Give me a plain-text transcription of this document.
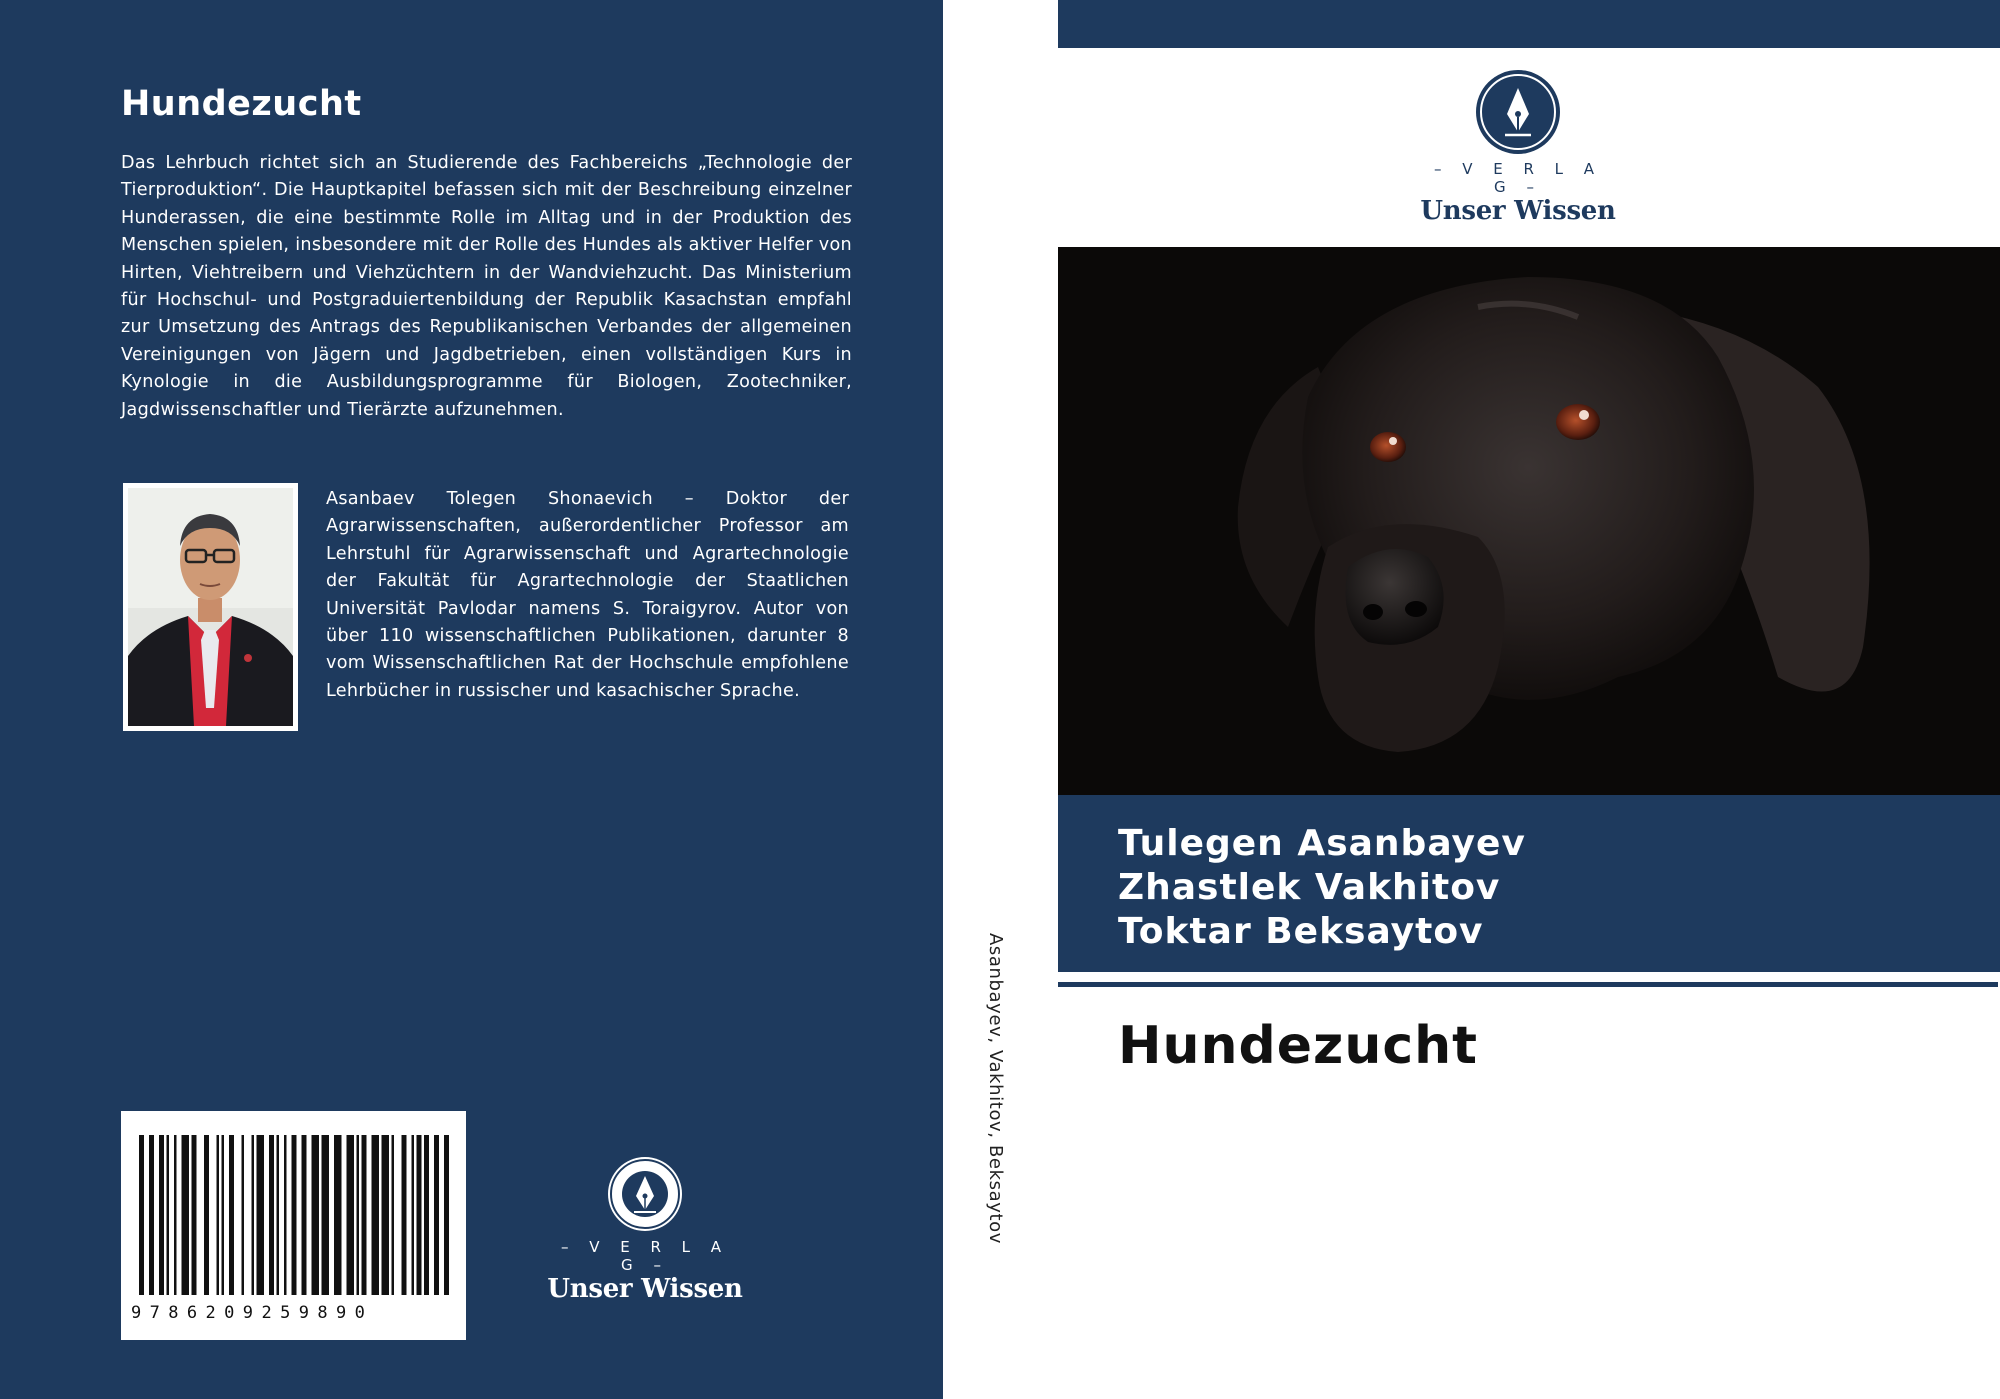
Hundezucht

Das Lehrbuch richtet sich an Studierende des Fachbereichs „Technologie der Tierproduktion“. Die Hauptkapitel befassen sich mit der Beschreibung einzelner Hunderassen, die eine bestimmte Rolle im Alltag und in der Produktion des Menschen spielen, insbesondere mit der Rolle des Hundes als aktiver Helfer von Hirten, Viehtreibern und Viehzüchtern in der Wandviehzucht. Das Ministerium für Hochschul- und Postgraduiertenbildung der Republik Kasachstan empfahl zur Umsetzung des Antrags des Republikanischen Verbandes der allgemeinen Vereinigungen von Jägern und Jagdbetrieben, einen vollständigen Kurs in Kynologie in die Ausbildungsprogramme für Biologen, Zootechniker, Jagdwissenschaftler und Tierärzte aufzunehmen.

Asanbaev Tolegen Shonaevich – Doktor der Agrarwissenschaften, außerordentlicher Professor am Lehrstuhl für Agrarwissenschaft und Agrartechnologie der Fakultät für Agrartechnologie der Staatlichen Universität Pavlodar namens S. Toraigyrov. Autor von über 110 wissenschaftlichen Publikationen, darunter 8 vom Wissenschaftlichen Rat der Hochschule empfohlene Lehrbücher in russischer und kasachischer Sprache.

9786209259890
– V E R L A G –
Unser Wissen
Asanbayev, Vakhitov, Beksaytov
– V E R L A G –
Unser Wissen
Tulegen Asanbayev
Zhastlek Vakhitov
Toktar Beksaytov
Hundezucht
